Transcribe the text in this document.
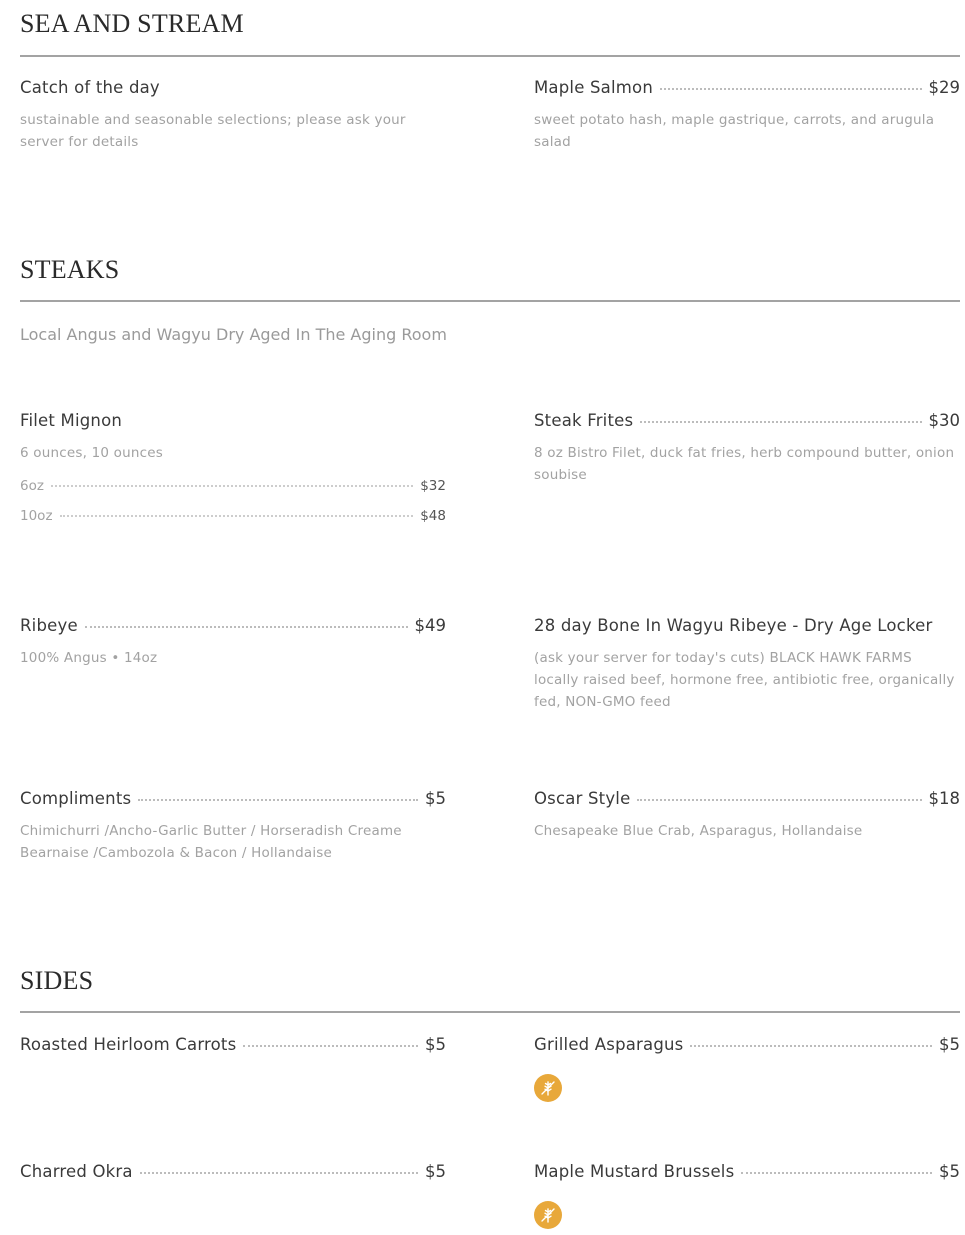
SEA AND STREAM
Catch of the day
sustainable and seasonable selections; please ask your server for details
Maple Salmon	$29
sweet potato hash, maple gastrique, carrots, and arugula salad
STEAKS
Local Angus and Wagyu Dry Aged In The Aging Room
Filet Mignon
6 ounces, 10 ounces
6oz	$32
10oz	$48
Steak Frites	$30
8 oz Bistro Filet, duck fat fries, herb compound butter, onion soubise
Ribeye	$49
100% Angus • 14oz
28 day Bone In Wagyu Ribeye - Dry Age Locker
(ask your server for today's cuts) BLACK HAWK FARMS locally raised beef, hormone free, antibiotic free, organically fed, NON-GMO feed
Compliments	$5
Chimichurri /Ancho-Garlic Butter / Horseradish Creame Bearnaise /Cambozola & Bacon / Hollandaise
Oscar Style	$18
Chesapeake Blue Crab, Asparagus, Hollandaise
SIDES
Roasted Heirloom Carrots	$5	Grilled Asparagus	$5
Charred Okra	$5	Maple Mustard Brussels	$5
